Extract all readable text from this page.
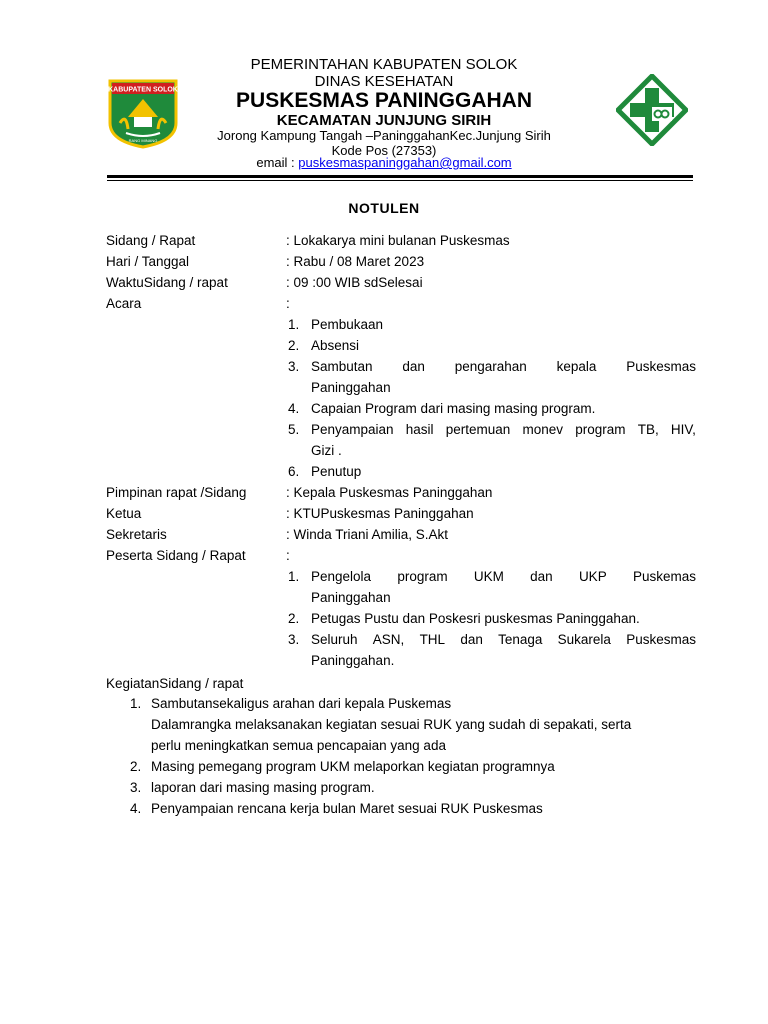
KABUPATEN SOLOK
RANG MINANG
PEMERINTAHAN KABUPATEN SOLOK
DINAS KESEHATAN
PUSKESMAS PANINGGAHAN
KECAMATAN JUNJUNG SIRIH
Jorong Kampung Tangah –PaninggahanKec.Junjung Sirih
Kode Pos (27353)
email : puskesmaspaninggahan@gmail.com
NOTULEN
Sidang / Rapat	: Lokakarya mini bulanan Puskesmas
Hari / Tanggal	: Rabu / 08 Maret 2023
WaktuSidang / rapat	: 09 :00 WIB sdSelesai
Acara	:
1. Pembukaan
2. Absensi
3. Sambutan dan pengarahan kepala Puskesmas
Paninggahan
4. Capaian Program dari masing masing program.
5. Penyampaian hasil pertemuan monev program TB, HIV,
Gizi .
6. Penutup
Pimpinan rapat /Sidang	: Kepala Puskesmas Paninggahan
Ketua	: KTUPuskesmas Paninggahan
Sekretaris	: Winda Triani Amilia, S.Akt
Peserta Sidang / Rapat	:
1. Pengelola program UKM dan UKP Puskemas
Paninggahan
2. Petugas Pustu dan Poskesri puskesmas Paninggahan.
3. Seluruh ASN, THL dan Tenaga Sukarela Puskesmas
Paninggahan.
KegiatanSidang / rapat
1. Sambutansekaligus arahan dari kepala Puskemas
Dalamrangka melaksanakan kegiatan sesuai RUK yang sudah di sepakati, serta
perlu meningkatkan semua pencapaian yang ada
2. Masing pemegang program UKM melaporkan kegiatan programnya
3. laporan dari masing masing program.
4. Penyampaian rencana kerja bulan Maret sesuai RUK Puskesmas
